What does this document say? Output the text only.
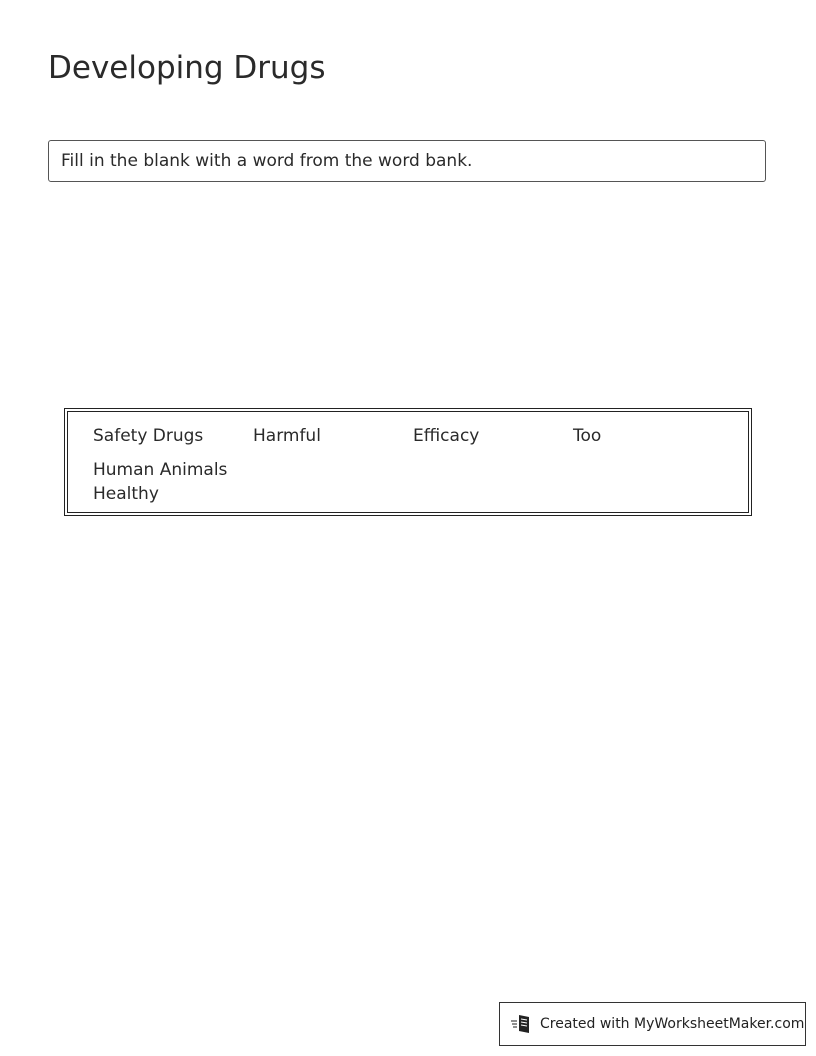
Developing Drugs
Fill in the blank with a word from the word bank.
Safety Drugs	Harmful	Efficacy	Too
Human Animals
Healthy
Created with MyWorksheetMaker.com
